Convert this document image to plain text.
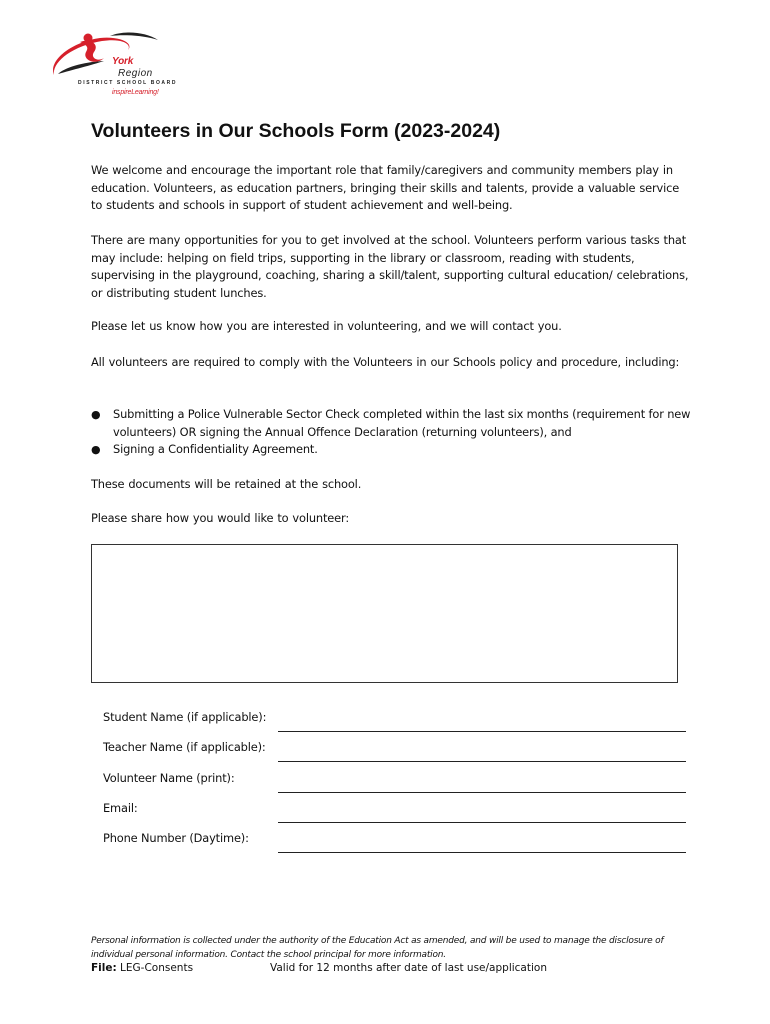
York
Region
DISTRICT SCHOOL BOARD
inspireLearning!
Volunteers in Our Schools Form (2023-2024)

We welcome and encourage the important role that family/caregivers and community members play in education. Volunteers, as education partners, bringing their skills and talents, provide a valuable service to students and schools in support of student achievement and well-being.

There are many opportunities for you to get involved at the school. Volunteers perform various tasks that may include: helping on field trips, supporting in the library or classroom, reading with students, supervising in the playground, coaching, sharing a skill/talent, supporting cultural education/ celebrations, or distributing student lunches.

Please let us know how you are interested in volunteering, and we will contact you.

All volunteers are required to comply with the Volunteers in our Schools policy and procedure, including:

● Submitting a Police Vulnerable Sector Check completed within the last six months (requirement for new volunteers) OR signing the Annual Offence Declaration (returning volunteers), and
● Signing a Confidentiality Agreement.

These documents will be retained at the school.

Please share how you would like to volunteer:

Student Name (if applicable):
Teacher Name (if applicable):
Volunteer Name (print):
Email:
Phone Number (Daytime):

Personal information is collected under the authority of the Education Act as amended, and will be used to manage the disclosure of individual personal information. Contact the school principal for more information.

File: LEG-Consents	Valid for 12 months after date of last use/application
